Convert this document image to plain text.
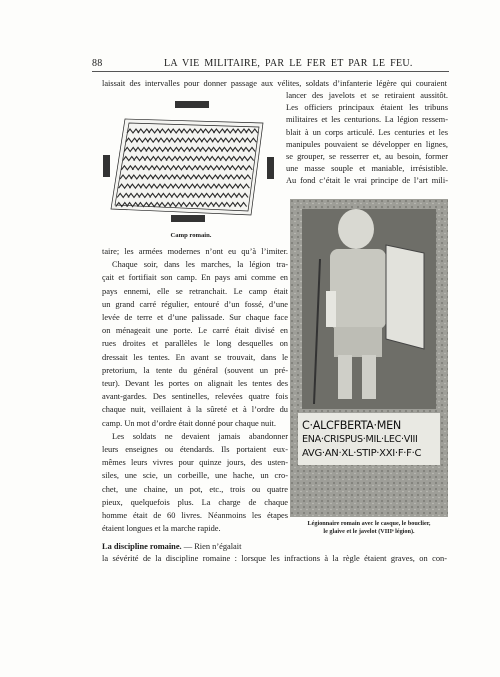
88	LA VIE MILITAIRE, PAR LE FER ET PAR LE FEU.
laissait des intervalles pour donner passage aux vélites, soldats d’infanterie légère qui couraient
Camp romain.
lancer des javelots et se retiraient aussitôt.
Les officiers principaux étaient les tribuns
militaires et les centurions. La légion ressem-
blait à un corps articulé. Les centuries et les
manipules pouvaient se développer en lignes,
se grouper, se resserrer et, au besoin, former
une masse souple et maniable, irrésistible.
Au fond c’était le vrai principe de l’art mili-
taire; les armées modernes n’ont eu qu’à l’imiter.
Chaque soir, dans les marches, la légion tra-
çait et fortifiait son camp. En pays ami comme en
pays ennemi, elle se retranchait. Le camp était
un grand carré régulier, entouré d’un fossé, d’une
levée de terre et d’une palissade. Sur chaque face
on ménageait une porte. Le carré était divisé en
rues droites et parallèles le long desquelles on
dressait les tentes. En avant se trouvait, dans le
pretorium, la tente du général (souvent un pré-
teur). Devant les portes on alignait les tentes des
avant-gardes. Des sentinelles, relevées quatre fois
chaque nuit, veillaient à la sûreté et à l’ordre du
camp. Un mot d’ordre était donné pour chaque nuit.
Les soldats ne devaient jamais abandonner
leurs enseignes ou étendards. Ils portaient eux-
mêmes leurs vivres pour quinze jours, des usten-
siles, une scie, un corbeille, une hache, un cro-
chet, une chaine, un pot, etc., trois ou quatre
pieux, quelquefois plus. La charge de chaque
homme était de 60 livres. Néanmoins les étapes
étaient longues et la marche rapide.
La discipline romaine. — Rien n’égalait
la sévérité de la discipline romaine : lorsque les infractions à la règle étaient graves, on con-
C·ALCFBERTA·MEN
ENA·CRISPUS·MIL·LEC·VIII
AVG·AN·XL·STIP·XXI·F·F·C
Légionnaire romain avec le casque, le bouclier,
le glaive et le javelot (VIIIᵉ légion).
